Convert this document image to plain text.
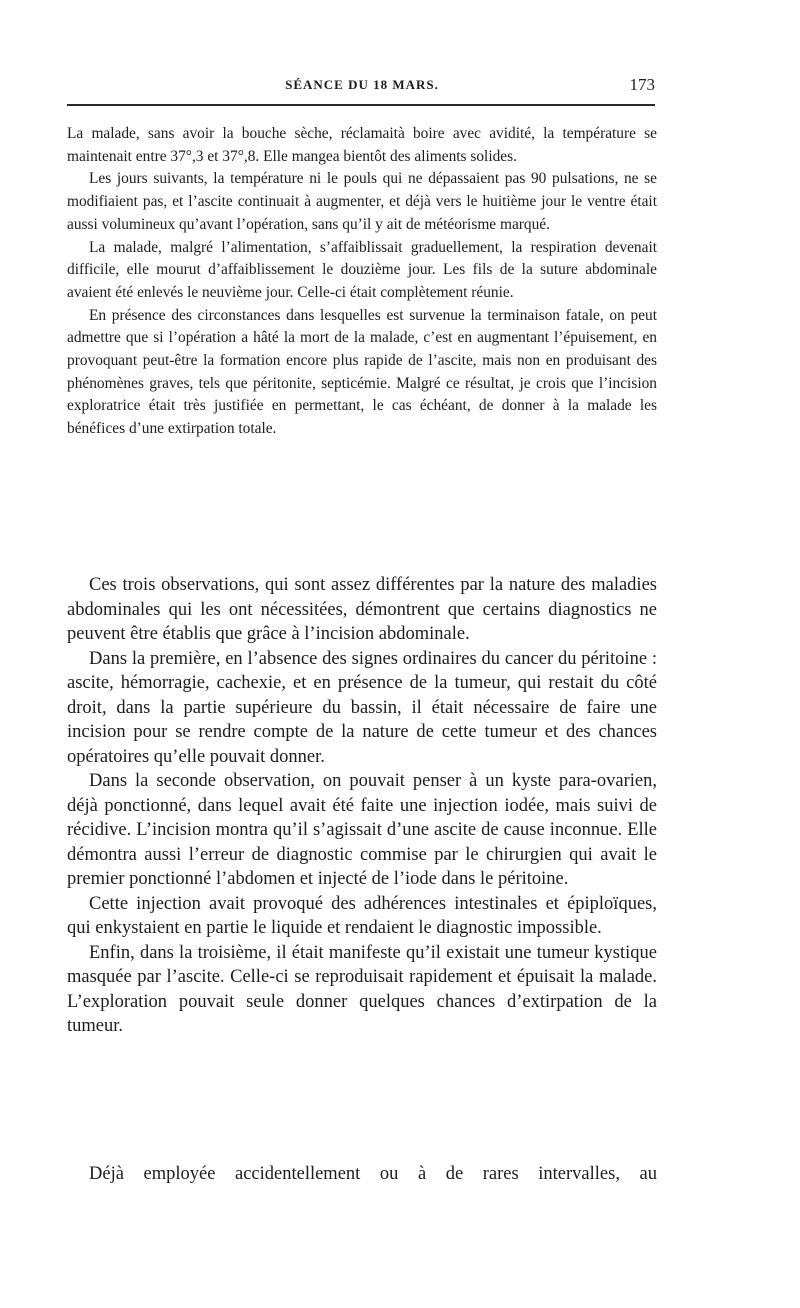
SÉANCE DU 18 MARS.	173

La malade, sans avoir la bouche sèche, réclamaità boire avec avidité, la température se maintenait entre 37°,3 et 37°,8. Elle mangea bientôt des aliments solides.

Les jours suivants, la température ni le pouls qui ne dépassaient pas 90 pulsations, ne se modifiaient pas, et l’ascite continuait à augmenter, et déjà vers le huitième jour le ventre était aussi volumineux qu’avant l’opération, sans qu’il y ait de météorisme marqué.

La malade, malgré l’alimentation, s’affaiblissait graduellement, la respiration devenait difficile, elle mourut d’affaiblissement le douzième jour. Les fils de la suture abdominale avaient été enlevés le neuvième jour. Celle-ci était complètement réunie.

En présence des circonstances dans lesquelles est survenue la terminaison fatale, on peut admettre que si l’opération a hâté la mort de la malade, c’est en augmentant l’épuisement, en provoquant peut-être la formation encore plus rapide de l’ascite, mais non en produisant des phénomènes graves, tels que péritonite, septicémie. Malgré ce résultat, je crois que l’incision exploratrice était très justifiée en permettant, le cas échéant, de donner à la malade les bénéfices d’une extirpation totale.

Ces trois observations, qui sont assez différentes par la nature des maladies abdominales qui les ont nécessitées, démontrent que certains diagnostics ne peuvent être établis que grâce à l’incision abdominale.

Dans la première, en l’absence des signes ordinaires du cancer du péritoine : ascite, hémorragie, cachexie, et en présence de la tumeur, qui restait du côté droit, dans la partie supérieure du bassin, il était nécessaire de faire une incision pour se rendre compte de la nature de cette tumeur et des chances opératoires qu’elle pouvait donner.

Dans la seconde observation, on pouvait penser à un kyste para-ovarien, déjà ponctionné, dans lequel avait été faite une injection iodée, mais suivi de récidive. L’incision montra qu’il s’agissait d’une ascite de cause inconnue. Elle démontra aussi l’erreur de diagnostic commise par le chirurgien qui avait le premier ponctionné l’abdomen et injecté de l’iode dans le péritoine.

Cette injection avait provoqué des adhérences intestinales et épiploïques, qui enkystaient en partie le liquide et rendaient le diagnostic impossible.

Enfin, dans la troisième, il était manifeste qu’il existait une tumeur kystique masquée par l’ascite. Celle-ci se reproduisait rapidement et épuisait la malade. L’exploration pouvait seule donner quelques chances d’extirpation de la tumeur.

Déjà employée accidentellement ou à de rares intervalles, au
